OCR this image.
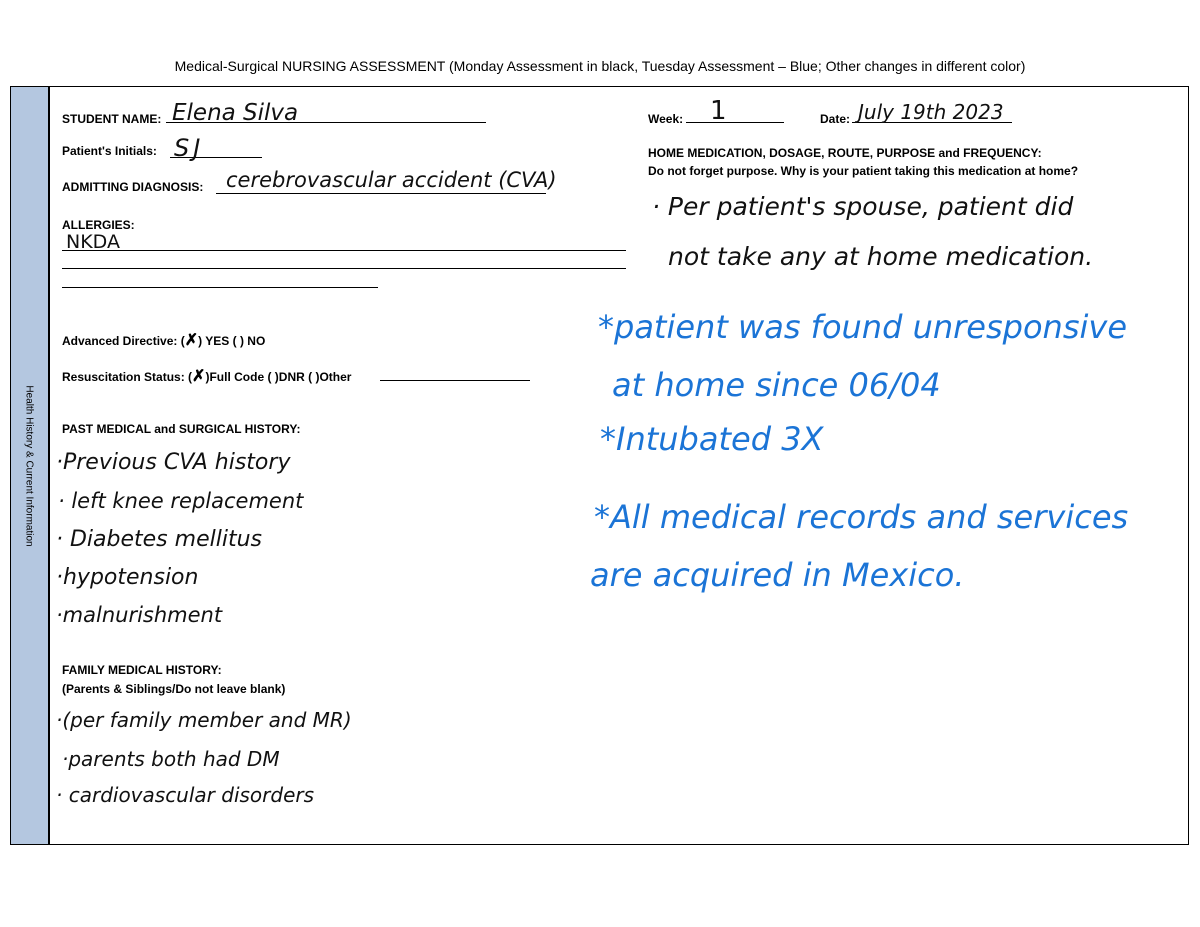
Medical-Surgical NURSING ASSESSMENT (Monday Assessment in black, Tuesday Assessment – Blue; Other changes in different color)
Health History & Current Information
STUDENT NAME: Elena Silva
Patient's Initials: SJ
ADMITTING DIAGNOSIS: cerebrovascular accident (CVA)
ALLERGIES:
NKDA
Advanced Directive: (✗) YES ( ) NO
Resuscitation Status: (✗)Full Code ( )DNR ( )Other
PAST MEDICAL and SURGICAL HISTORY:
·Previous CVA history
· left knee replacement
· Diabetes mellitus
·hypotension
·malnurishment
FAMILY MEDICAL HISTORY:
(Parents & Siblings/Do not leave blank)
·(per family member and MR)
·parents both had DM
· cardiovascular disorders
Week: 1	Date: July 19th 2023
HOME MEDICATION, DOSAGE, ROUTE, PURPOSE and FREQUENCY:
Do not forget purpose. Why is your patient taking this medication at home?
· Per patient's spouse, patient did
not take any at home medication.
*patient was found unresponsive
at home since 06/04
*Intubated 3X
*All medical records and services
are acquired in Mexico.
